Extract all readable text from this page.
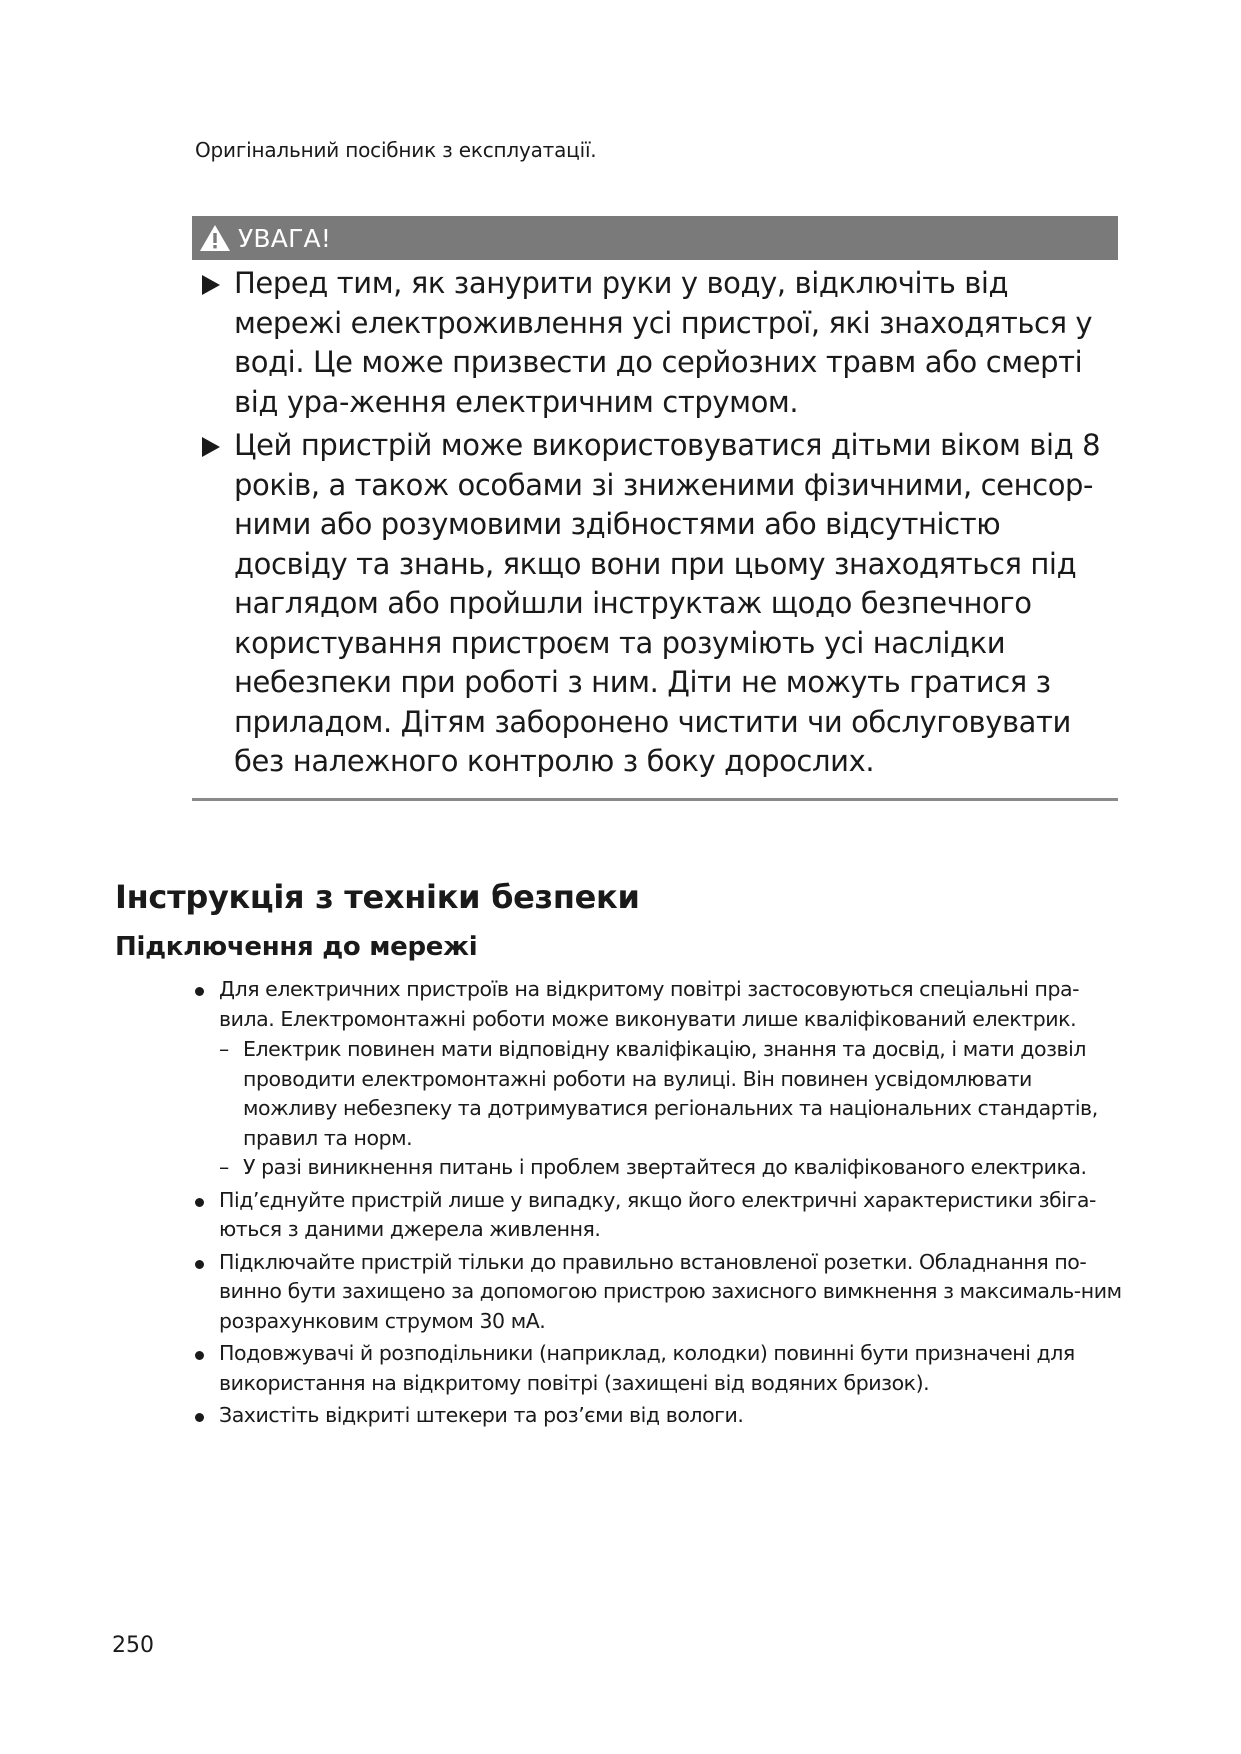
Оригінальний посібник з експлуатації.
УВАГА!
Перед тим, як занурити руки у воду, відключіть від мережі електроживлення усі пристрої, які знаходяться у воді. Це може призвести до серйозних травм або смерті від ура-ження електричним струмом.
Цей пристрій може використовуватися дітьми віком від 8 років, а також особами зі зниженими фізичними, сенсор-ними або розумовими здібностями або відсутністю досвіду та знань, якщо вони при цьому знаходяться під наглядом або пройшли інструктаж щодо безпечного користування пристроєм та розуміють усі наслідки небезпеки при роботі з ним. Діти не можуть гратися з приладом. Дітям заборонено чистити чи обслуговувати без належного контролю з боку дорослих.
Інструкція з техніки безпеки
Підключення до мережі
Для електричних пристроїв на відкритому повітрі застосовуються спеціальні пра-вила. Електромонтажні роботи може виконувати лише кваліфікований електрик.
– Електрик повинен мати відповідну кваліфікацію, знання та досвід, і мати дозвіл проводити електромонтажні роботи на вулиці. Він повинен усвідомлювати можливу небезпеку та дотримуватися регіональних та національних стандартів, правил та норм.
– У разі виникнення питань і проблем звертайтеся до кваліфікованого електрика.
Під’єднуйте пристрій лише у випадку, якщо його електричні характеристики збіга-ються з даними джерела живлення.
Підключайте пристрій тільки до правильно встановленої розетки. Обладнання по-винно бути захищено за допомогою пристрою захисного вимкнення з максималь-ним розрахунковим струмом 30 мА.
Подовжувачі й розподільники (наприклад, колодки) повинні бути призначені для використання на відкритому повітрі (захищені від водяних бризок).
Захистіть відкриті штекери та роз’єми від вологи.
250
